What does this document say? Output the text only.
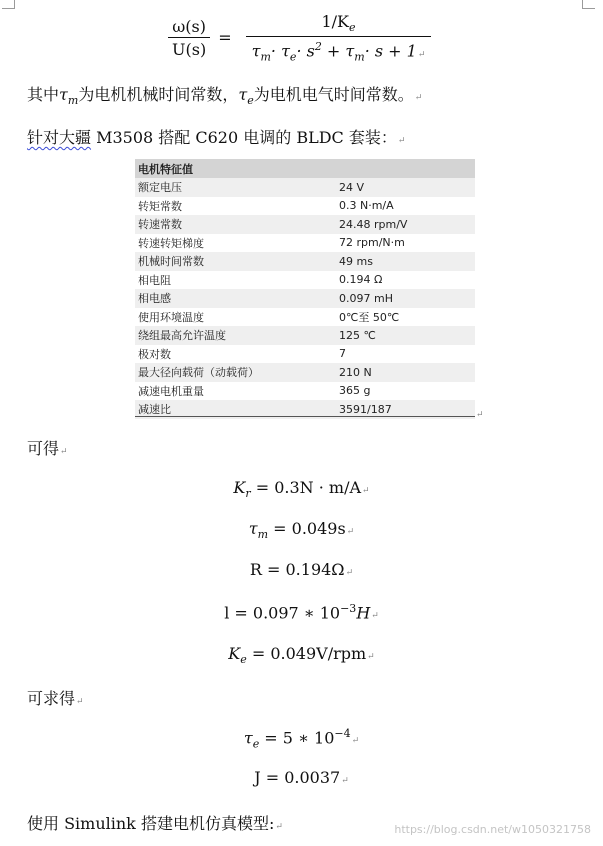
$\frac{\omega(s)}{U(s)} = \frac{1/K_e}{\tau_m\cdot \tau_e\cdot s^2 + \tau_m\cdot s + 1↵}$
其中$\tau_m$为电机机械时间常数，$\tau_e$为电机电气时间常数。↵
针对大疆 M3508 搭配 C620 电调的 BLDC 套装：↵
电机特征值	
额定电压	24 V
转矩常数	0.3 N·m/A
转速常数	24.48 rpm/V
转速转矩梯度	72 rpm/N·m
机械时间常数	49 ms
相电阻	0.194 Ω
相电感	0.097 mH
使用环境温度	0℃至 50℃
绕组最高允许温度	125 ℃
极对数	7
最大径向载荷（动载荷）	210 N
减速电机重量	365 g
减速比	3591/187	↵
可得↵
$K_r = 0.3N$ · m/A↵
$\tau_m$ = 0.049s↵
R = 0.194Ω↵
l = 0.097 ∗ $10^{-3}H↵$
$K_e$ = 0.049V/rpm↵
可求得↵
$\tau_e = 5$ ∗ $10^{-4}↵$
J = 0.0037↵
使用 Simulink 搭建电机仿真模型:↵	https://blog.csdn.net/w1050321758
